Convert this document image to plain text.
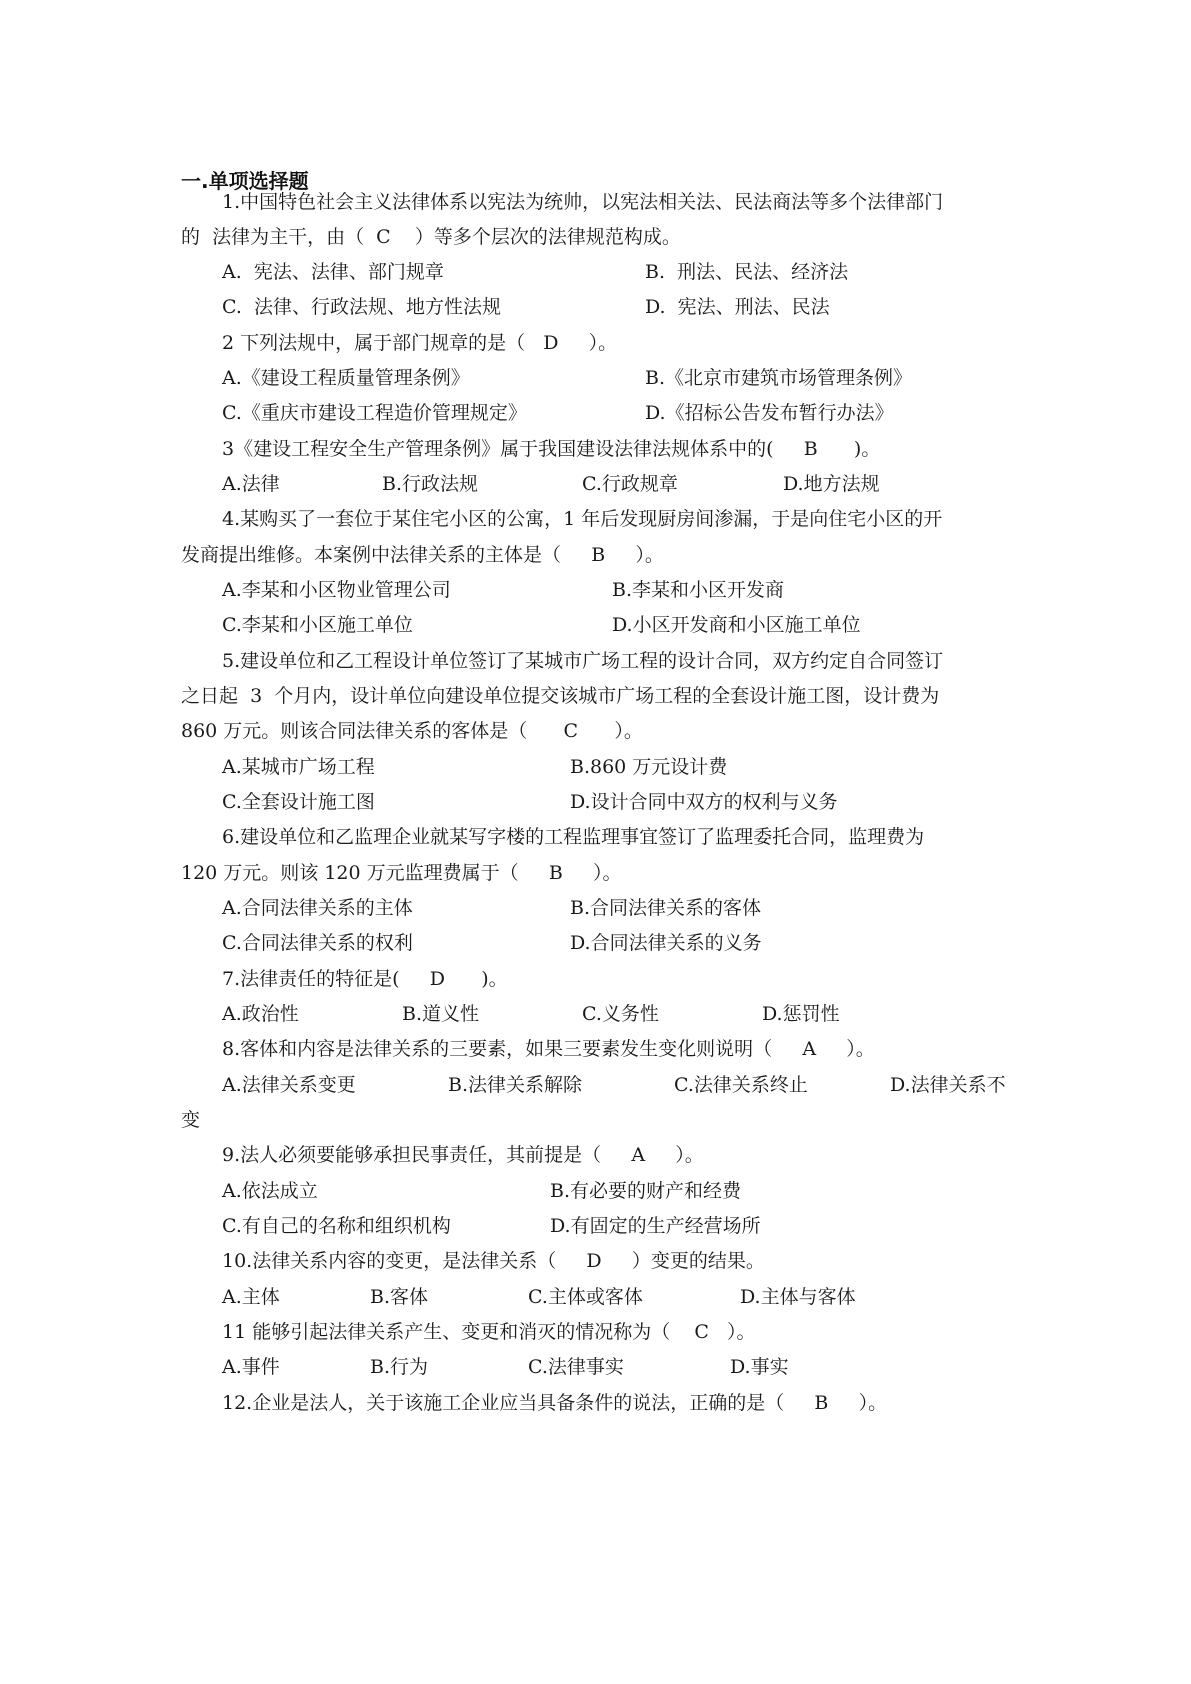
一.单项选择题
1.中国特色社会主义法律体系以宪法为统帅，以宪法相关法、民法商法等多个法律部门
的  法律为主干，由（  C    ）等多个层次的法律规范构成。
A.  宪法、法律、部门规章	B.  刑法、民法、经济法
C.  法律、行政法规、地方性法规	D.  宪法、刑法、民法
2 下列法规中，属于部门规章的是（   D     ）。
A.《建设工程质量管理条例》	B.《北京市建筑市场管理条例》
C.《重庆市建设工程造价管理规定》	D.《招标公告发布暂行办法》
3《建设工程安全生产管理条例》属于我国建设法律法规体系中的(     B      )。
A.法律	B.行政法规	C.行政规章	D.地方法规
4.某购买了一套位于某住宅小区的公寓，1 年后发现厨房间渗漏，于是向住宅小区的开
发商提出维修。本案例中法律关系的主体是（     B     ）。
A.李某和小区物业管理公司	B.李某和小区开发商
C.李某和小区施工单位	D.小区开发商和小区施工单位
5.建设单位和乙工程设计单位签订了某城市广场工程的设计合同，双方约定自合同签订
之日起  3  个月内，设计单位向建设单位提交该城市广场工程的全套设计施工图，设计费为
860 万元。则该合同法律关系的客体是（      C      ）。
A.某城市广场工程	B.860 万元设计费
C.全套设计施工图	D.设计合同中双方的权利与义务
6.建设单位和乙监理企业就某写字楼的工程监理事宜签订了监理委托合同，监理费为
120 万元。则该 120 万元监理费属于（     B     ）。
A.合同法律关系的主体	B.合同法律关系的客体
C.合同法律关系的权利	D.合同法律关系的义务
7.法律责任的特征是(     D      )。
A.政治性	B.道义性	C.义务性	D.惩罚性
8.客体和内容是法律关系的三要素，如果三要素发生变化则说明（     A     ）。
A.法律关系变更	B.法律关系解除	C.法律关系终止	D.法律关系不
变
9.法人必须要能够承担民事责任，其前提是（     A     ）。
A.依法成立	B.有必要的财产和经费
C.有自己的名称和组织机构	D.有固定的生产经营场所
10.法律关系内容的变更，是法律关系（     D     ）变更的结果。
A.主体	B.客体	C.主体或客体	D.主体与客体
11 能够引起法律关系产生、变更和消灭的情况称为（    C   ）。
A.事件	B.行为	C.法律事实	D.事实
12.企业是法人，关于该施工企业应当具备条件的说法，正确的是（     B     ）。
